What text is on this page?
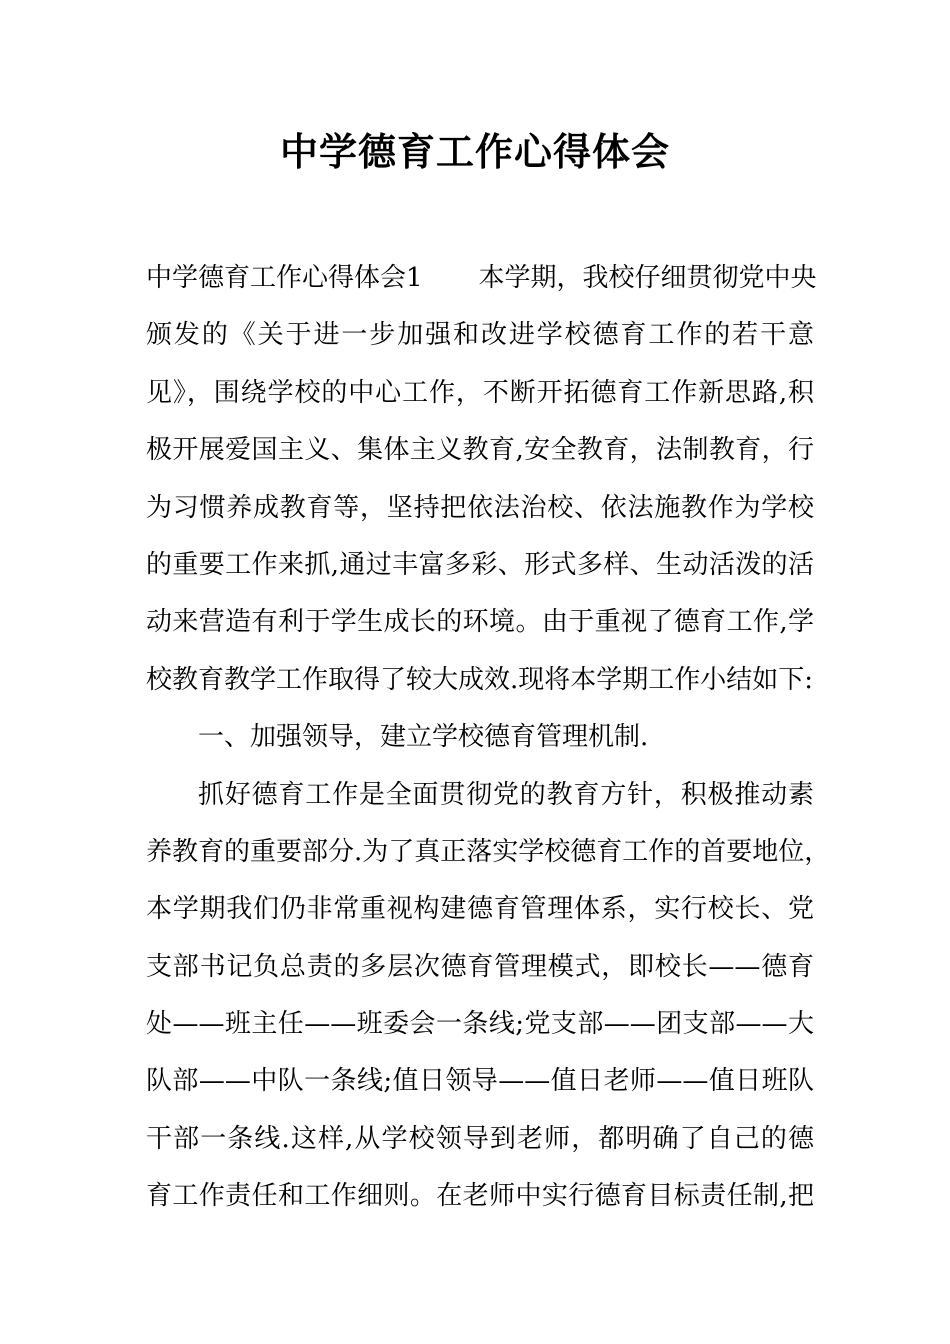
中学德育工作心得体会
中学德育工作心得体会1 本学期，我校仔细贯彻党中央
颁发的《关于进一步加强和改进学校德育工作的若干意
见》，围绕学校的中心工作，不断开拓德育工作新思路,积
极开展爱国主义、集体主义教育,安全教育，法制教育，行
为习惯养成教育等，坚持把依法治校、依法施教作为学校
的重要工作来抓,通过丰富多彩、形式多样、生动活泼的活
动来营造有利于学生成长的环境。由于重视了德育工作,学
校教育教学工作取得了较大成效.现将本学期工作小结如下:
一、加强领导，建立学校德育管理机制.
抓好德育工作是全面贯彻党的教育方针，积极推动素
养教育的重要部分.为了真正落实学校德育工作的首要地位，
本学期我们仍非常重视构建德育管理体系，实行校长、党
支部书记负总责的多层次德育管理模式，即校长——德育
处——班主任——班委会一条线;党支部——团支部——大
队部——中队一条线;值日领导——值日老师——值日班队
干部一条线.这样,从学校领导到老师，都明确了自己的德
育工作责任和工作细则。在老师中实行德育目标责任制,把
